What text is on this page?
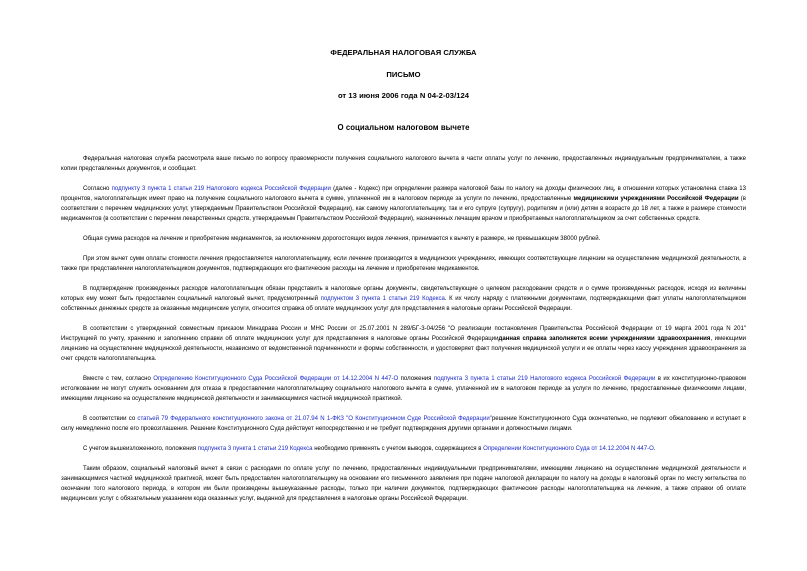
ФЕДЕРАЛЬНАЯ НАЛОГОВАЯ СЛУЖБА
ПИСЬМО
от 13 июня 2006 года N 04-2-03/124
О социальном налоговом вычете

Федеральная налоговая служба рассмотрела ваше письмо по вопросу правомерности получения социального налогового вычета в части оплаты услуг по лечению, предоставленных индивидуальным предпринимателем, а также копии представленных документов, и сообщает.

Согласно подпункту 3 пункта 1 статьи 219 Налогового кодекса Российской Федерации (далее - Кодекс) при определении размера налоговой базы по налогу на доходы физических лиц, в отношении которых установлена ставка 13 процентов, налогоплательщик имеет право на получение социального налогового вычета в сумме, уплаченной им в налоговом периоде за услуги по лечению, предоставленные медицинскими учреждениями Российской Федерации (в соответствии с перечнем медицинских услуг, утверждаемым Правительством Российской Федерации), как самому налогоплательщику, так и его супруге (супругу), родителям и (или) детям в возрасте до 18 лет, а также в размере стоимости медикаментов (в соответствии с перечнем лекарственных средств, утверждаемым Правительством Российской Федерации), назначенных лечащим врачом и приобретаемых налогоплательщиком за счет собственных средств.

Общая сумма расходов на лечение и приобретение медикаментов, за исключением дорогостоящих видов лечения, принимается к вычету в размере, не превышающем 38000 рублей.

При этом вычет сумм оплаты стоимости лечения предоставляется налогоплательщику, если лечение производится в медицинских учреждениях, имеющих соответствующие лицензии на осуществление медицинской деятельности, а также при представлении налогоплательщиком документов, подтверждающих его фактические расходы на лечение и приобретение медикаментов.

В подтверждение произведенных расходов налогоплательщик обязан представить в налоговые органы документы, свидетельствующие о целевом расходовании средств и о сумме произведенных расходов, исходя из величины которых ему может быть предоставлен социальный налоговый вычет, предусмотренный подпунктом 3 пункта 1 статьи 219 Кодекса. К их числу наряду с платежными документами, подтверждающими факт уплаты налогоплательщиком собственных денежных средств за оказанные медицинские услуги, относится справка об оплате медицинских услуг для представления в налоговые органы Российской Федерации.

В соответствии с утвержденной совместным приказом Минздрава России и МНС России от 25.07.2001 N 289/БГ-3-04/256 "О реализации постановления Правительства Российской Федерации от 19 марта 2001 года N 201" Инструкцией по учету, хранению и заполнению справки об оплате медицинских услуг для представления в налоговые органы Российской Федерацииданная справка заполняется всеми учреждениями здравоохранения, имеющими лицензию на осуществление медицинской деятельности, независимо от ведомственной подчиненности и формы собственности, и удостоверяет факт получения медицинской услуги и ее оплаты через кассу учреждения здравоохранения за счет средств налогоплательщика.

Вместе с тем, согласно Определению Конституционного Суда Российской Федерации от 14.12.2004 N 447-О положения подпункта 3 пункта 1 статьи 219 Налогового кодекса Российской Федерации в их конституционно-правовом истолковании не могут служить основанием для отказа в предоставлении налогоплательщику социального налогового вычета в сумме, уплаченной им в налоговом периоде за услуги по лечению, предоставленные физическими лицами, имеющими лицензию на осуществление медицинской деятельности и занимающимися частной медицинской практикой.

В соответствии со статьей 79 Федерального конституционного закона от 21.07.94 N 1-ФКЗ "О Конституционном Суде Российской Федерации"решение Конституционного Суда окончательно, не подлежит обжалованию и вступает в силу немедленно после его провозглашения. Решение Конституционного Суда действует непосредственно и не требует подтверждения другими органами и должностными лицами.

С учетом вышеизложенного, положения подпункта 3 пункта 1 статьи 219 Кодекса необходимо применять с учетом выводов, содержащихся в Определении Конституционного Суда от 14.12.2004 N 447-О.

Таким образом, социальный налоговый вычет в связи с расходами по оплате услуг по лечению, предоставленных индивидуальными предпринимателями, имеющими лицензию на осуществление медицинской деятельности и занимающимися частной медицинской практикой, может быть предоставлен налогоплательщику на основании его письменного заявления при подаче налоговой декларации по налогу на доходы в налоговый орган по месту жительства по окончании того налогового периода, в котором им были произведены вышеуказанные расходы, только при наличии документов, подтверждающих фактические расходы налогоплательщика на лечение, а также справки об оплате медицинских услуг с обязательным указанием кода оказанных услуг, выданной для представления в налоговые органы Российской Федерации.
